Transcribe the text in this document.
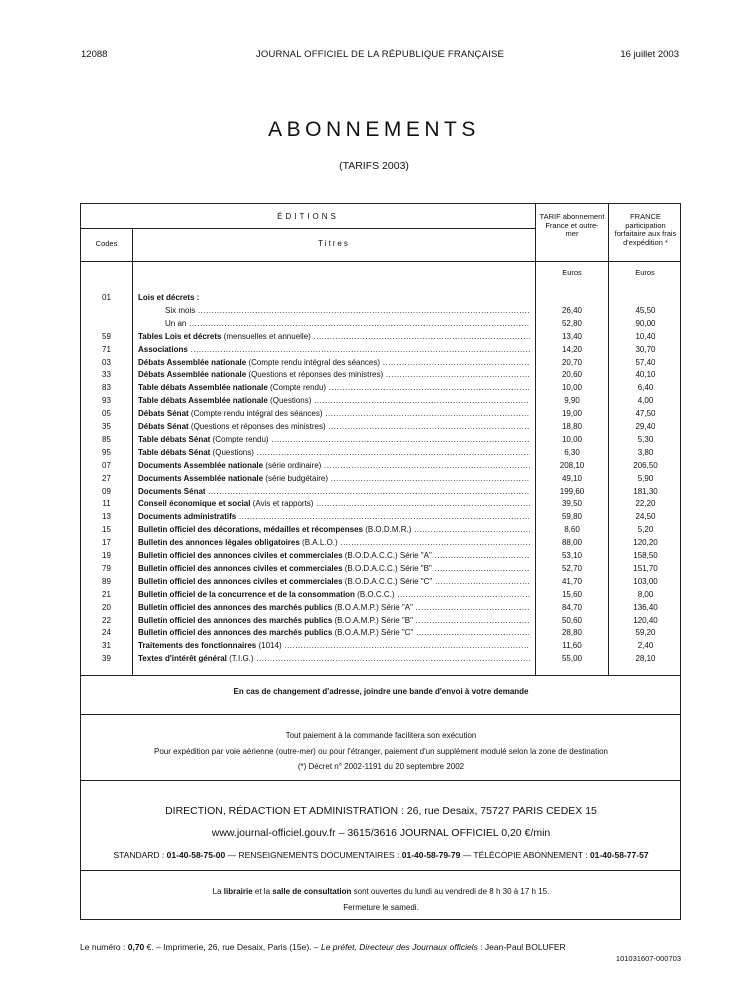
12088	JOURNAL OFFICIEL DE LA RÉPUBLIQUE FRANÇAISE	16 juillet 2003
ABONNEMENTS
(TARIFS 2003)
ÉDITIONS
Codes	Titres
TARIF abonnement France et outre-mer
FRANCE participation forfaitaire aux frais d'expédition *
Euros	Euros
01	Lois et décrets :
Six mois .....	26,40	45,50
Un an .....	52,80	90,00
59	Tables Lois et décrets (mensuelles et annuelle) .....	13,40	10,40
71	Associations .....	14,20	30,70
03	Débats Assemblée nationale (Compte rendu intégral des séances) .....	20,70	57,40
33	Débats Assemblée nationale (Questions et réponses des ministres) .....	20,60	40,10
83	Table débats Assemblée nationale (Compte rendu) .....	10,00	6,40
93	Table débats Assemblée nationale (Questions) .....	9,90	4,00
05	Débats Sénat (Compte rendu intégral des séances) .....	19,00	47,50
35	Débats Sénat (Questions et réponses des ministres) .....	18,80	29,40
85	Table débats Sénat (Compte rendu) .....	10,00	5,30
95	Table débats Sénat (Questions) .....	6,30	3,80
07	Documents Assemblée nationale (série ordinaire) .....	208,10	206,50
27	Documents Assemblée nationale (série budgétaire) .....	49,10	5,90
09	Documents Sénat .....	199,60	181,30
11	Conseil économique et social (Avis et rapports) .....	39,50	22,20
13	Documents administratifs .....	59,80	24,50
15	Bulletin officiel des décorations, médailles et récompenses (B.O.D.M.R.) .....	8,60	5,20
17	Bulletin des annonces légales obligatoires (B.A.L.O.) .....	88,00	120,20
19	Bulletin officiel des annonces civiles et commerciales (B.O.D.A.C.C.) Série "A" .....	53,10	158,50
79	Bulletin officiel des annonces civiles et commerciales (B.O.D.A.C.C.) Série "B" .....	52,70	151,70
89	Bulletin officiel des annonces civiles et commerciales (B.O.D.A.C.C.) Série "C" .....	41,70	103,00
21	Bulletin officiel de la concurrence et de la consommation (B.O.C.C.) .....	15,60	8,00
20	Bulletin officiel des annonces des marchés publics (B.O.A.M.P.) Série "A" .....	84,70	136,40
22	Bulletin officiel des annonces des marchés publics (B.O.A.M.P.) Série "B" .....	50,60	120,40
24	Bulletin officiel des annonces des marchés publics (B.O.A.M.P.) Série "C" .....	28,80	59,20
31	Traitements des fonctionnaires (1014) .....	11,60	2,40
39	Textes d'intérêt général (T.I.G.) .....	55,00	28,10
En cas de changement d'adresse, joindre une bande d'envoi à votre demande
Tout paiement à la commande facilitera son exécution
Pour expédition par voie aérienne (outre-mer) ou pour l'étranger, paiement d'un supplément modulé selon la zone de destination
(*) Décret n° 2002-1191 du 20 septembre 2002
DIRECTION, RÉDACTION ET ADMINISTRATION : 26, rue Desaix, 75727 PARIS CEDEX 15
www.journal-officiel.gouv.fr – 3615/3616 JOURNAL OFFICIEL 0,20 €/min
STANDARD : 01-40-58-75-00 — RENSEIGNEMENTS DOCUMENTAIRES : 01-40-58-79-79 — TÉLÉCOPIE ABONNEMENT : 01-40-58-77-57
La librairie et la salle de consultation sont ouvertes du lundi au vendredi de 8 h 30 à 17 h 15.
Fermeture le samedi.
Le numéro : 0,70 €. – Imprimerie, 26, rue Desaix, Paris (15e). – Le préfet, Directeur des Journaux officiels : Jean-Paul BOLUFER
101031607-000703
